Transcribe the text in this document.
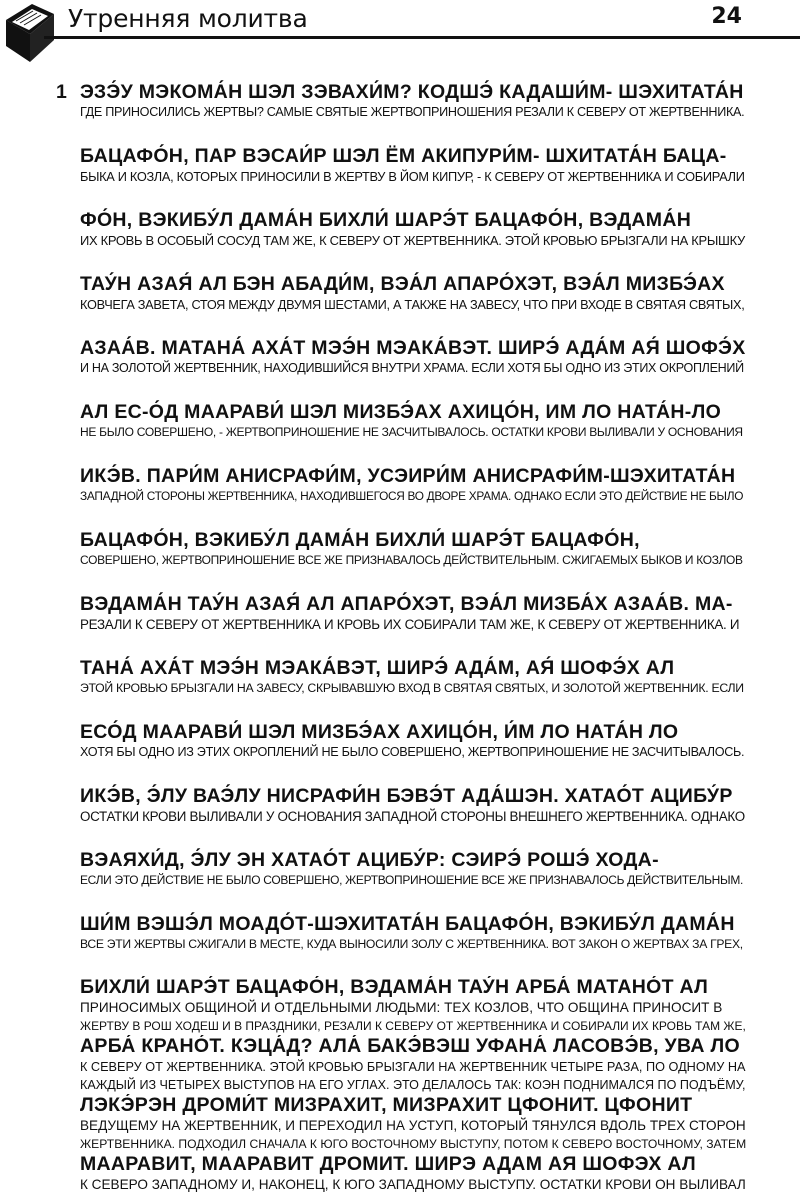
Утренняя молитва	24
1 ЭЗЭ́У МЭКОМА́Н ШЭЛ ЗЭВАХИ́М? КОДШЭ́ КАДАШИ́М- ШЭХИТАТА́Н
ГДЕ ПРИНОСИЛИСЬ ЖЕРТВЫ? САМЫЕ СВЯТЫЕ ЖЕРТВОПРИНОШЕНИЯ РЕЗАЛИ К СЕВЕРУ ОТ ЖЕРТВЕННИКА.
БАЦАФО́Н, ПАР ВЭСАИ́Р ШЭЛ ЁМ АКИПУРИ́М- ШХИТАТА́Н БАЦА-
БЫКА И КОЗЛА, КОТОРЫХ ПРИНОСИЛИ В ЖЕРТВУ В ЙОМ КИПУР, - К СЕВЕРУ ОТ ЖЕРТВЕННИКА И СОБИРАЛИ
ФО́Н, ВЭКИБУ́Л ДАМА́Н БИХЛИ́ ШАРЭ́Т БАЦАФО́Н, ВЭДАМА́Н
ИХ КРОВЬ В ОСОБЫЙ СОСУД ТАМ ЖЕ, К СЕВЕРУ ОТ ЖЕРТВЕННИКА. ЭТОЙ КРОВЬЮ БРЫЗГАЛИ НА КРЫШКУ
ТАУ́Н АЗАЯ́ АЛ БЭН АБАДИ́М, ВЭА́Л АПАРО́ХЭТ, ВЭА́Л МИЗБЭ́АХ
КОВЧЕГА ЗАВЕТА, СТОЯ МЕЖДУ ДВУМЯ ШЕСТАМИ, А ТАКЖЕ НА ЗАВЕСУ, ЧТО ПРИ ВХОДЕ В СВЯТАЯ СВЯТЫХ,
АЗАА́В. МАТАНА́ АХА́Т МЭЭ́Н МЭАКА́ВЭТ. ШИРЭ́ АДА́М АЯ́ ШОФЭ́Х
И НА ЗОЛОТОЙ ЖЕРТВЕННИК, НАХОДИВШИЙСЯ ВНУТРИ ХРАМА. ЕСЛИ ХОТЯ БЫ ОДНО ИЗ ЭТИХ ОКРОПЛЕНИЙ
АЛ ЕС-О́Д МААРАВИ́ ШЭЛ МИЗБЭ́АХ АХИЦО́Н, ИМ ЛО НАТА́Н-ЛО
НЕ БЫЛО СОВЕРШЕНО, - ЖЕРТВОПРИНОШЕНИЕ НЕ ЗАСЧИТЫВАЛОСЬ. ОСТАТКИ КРОВИ ВЫЛИВАЛИ У ОСНОВАНИЯ
ИКЭ́В. ПАРИ́М АНИСРАФИ́М, УСЭИРИ́М АНИСРАФИ́М-ШЭХИТАТА́Н
ЗАПАДНОЙ СТОРОНЫ ЖЕРТВЕННИКА, НАХОДИВШЕГОСЯ ВО ДВОРЕ ХРАМА. ОДНАКО ЕСЛИ ЭТО ДЕЙСТВИЕ НЕ БЫЛО
БАЦАФО́Н, ВЭКИБУ́Л ДАМА́Н БИХЛИ́ ШАРЭ́Т БАЦАФО́Н,
СОВЕРШЕНО, ЖЕРТВОПРИНОШЕНИЕ ВСЕ ЖЕ ПРИЗНАВАЛОСЬ ДЕЙСТВИТЕЛЬНЫМ. СЖИГАЕМЫХ БЫКОВ И КОЗЛОВ
ВЭДАМА́Н ТАУ́Н АЗАЯ́ АЛ АПАРО́ХЭТ, ВЭА́Л МИЗБА́Х АЗАА́В. МА-
РЕЗАЛИ К СЕВЕРУ ОТ ЖЕРТВЕННИКА И КРОВЬ ИХ СОБИРАЛИ ТАМ ЖЕ, К СЕВЕРУ ОТ ЖЕРТВЕННИКА. И
ТАНА́ АХА́Т МЭЭ́Н МЭАКА́ВЭТ, ШИРЭ́ АДА́М, АЯ́ ШОФЭ́Х АЛ
ЭТОЙ КРОВЬЮ БРЫЗГАЛИ НА ЗАВЕСУ, СКРЫВАВШУЮ ВХОД В СВЯТАЯ СВЯТЫХ, И ЗОЛОТОЙ ЖЕРТВЕННИК. ЕСЛИ
ЕСО́Д МААРАВИ́ ШЭЛ МИЗБЭ́АХ АХИЦО́Н, И́М ЛО НАТА́Н ЛО
ХОТЯ БЫ ОДНО ИЗ ЭТИХ ОКРОПЛЕНИЙ НЕ БЫЛО СОВЕРШЕНО, ЖЕРТВОПРИНОШЕНИЕ НЕ ЗАСЧИТЫВАЛОСЬ.
ИКЭ́В, Э́ЛУ ВАЭ́ЛУ НИСРАФИ́Н БЭВЭ́Т АДА́ШЭН. ХАТАО́Т АЦИБУ́Р
ОСТАТКИ КРОВИ ВЫЛИВАЛИ У ОСНОВАНИЯ ЗАПАДНОЙ СТОРОНЫ ВНЕШНЕГО ЖЕРТВЕННИКА. ОДНАКО
ВЭАЯХИ́Д, Э́ЛУ ЭН ХАТАО́Т АЦИБУ́Р: СЭИРЭ́ РОШЭ́ ХОДА-
ЕСЛИ ЭТО ДЕЙСТВИЕ НЕ БЫЛО СОВЕРШЕНО, ЖЕРТВОПРИНОШЕНИЕ ВСЕ ЖЕ ПРИЗНАВАЛОСЬ ДЕЙСТВИТЕЛЬНЫМ.
ШИ́М ВЭШЭ́Л МОАДО́Т-ШЭХИТАТА́Н БАЦАФО́Н, ВЭКИБУ́Л ДАМА́Н
ВСЕ ЭТИ ЖЕРТВЫ СЖИГАЛИ В МЕСТЕ, КУДА ВЫНОСИЛИ ЗОЛУ С ЖЕРТВЕННИКА. ВОТ ЗАКОН О ЖЕРТВАХ ЗА ГРЕХ,
БИХЛИ́ ШАРЭ́Т БАЦАФО́Н, ВЭДАМА́Н ТАУ́Н АРБА́ МАТАНО́Т АЛ
ПРИНОСИМЫХ ОБЩИНОЙ И ОТДЕЛЬНЫМИ ЛЮДЬМИ: ТЕХ КОЗЛОВ, ЧТО ОБЩИНА ПРИНОСИТ В
ЖЕРТВУ В РОШ ХОДЕШ И В ПРАЗДНИКИ, РЕЗАЛИ К СЕВЕРУ ОТ ЖЕРТВЕННИКА И СОБИРАЛИ ИХ КРОВЬ ТАМ ЖЕ,
АРБА́ КРАНО́Т. КЭЦА́Д? АЛА́ БАКЭ́ВЭШ УФАНА́ ЛАСОВЭ́В, УВА ЛО
К СЕВЕРУ ОТ ЖЕРТВЕННИКА. ЭТОЙ КРОВЬЮ БРЫЗГАЛИ НА ЖЕРТВЕННИК ЧЕТЫРЕ РАЗА, ПО ОДНОМУ НА
КАЖДЫЙ ИЗ ЧЕТЫРЕХ ВЫСТУПОВ НА ЕГО УГЛАХ. ЭТО ДЕЛАЛОСЬ ТАК: КОЭН ПОДНИМАЛСЯ ПО ПОДЪЁМУ,
ЛЭКЭ́РЭН ДРОМИ́Т МИЗРАХИТ, МИЗРАХИТ ЦФОНИТ. ЦФОНИТ
ВЕДУЩЕМУ НА ЖЕРТВЕННИК, И ПЕРЕХОДИЛ НА УСТУП, КОТОРЫЙ ТЯНУЛСЯ ВДОЛЬ ТРЕХ СТОРОН
ЖЕРТВЕННИКА. ПОДХОДИЛ СНАЧАЛА К ЮГО ВОСТОЧНОМУ ВЫСТУПУ, ПОТОМ К СЕВЕРО ВОСТОЧНОМУ, ЗАТЕМ
МААРАВИТ, МААРАВИТ ДРОМИТ. ШИРЭ АДАМ АЯ ШОФЭХ АЛ
К СЕВЕРО ЗАПАДНОМУ И, НАКОНЕЦ, К ЮГО ЗАПАДНОМУ ВЫСТУПУ. ОСТАТКИ КРОВИ ОН ВЫЛИВАЛ
